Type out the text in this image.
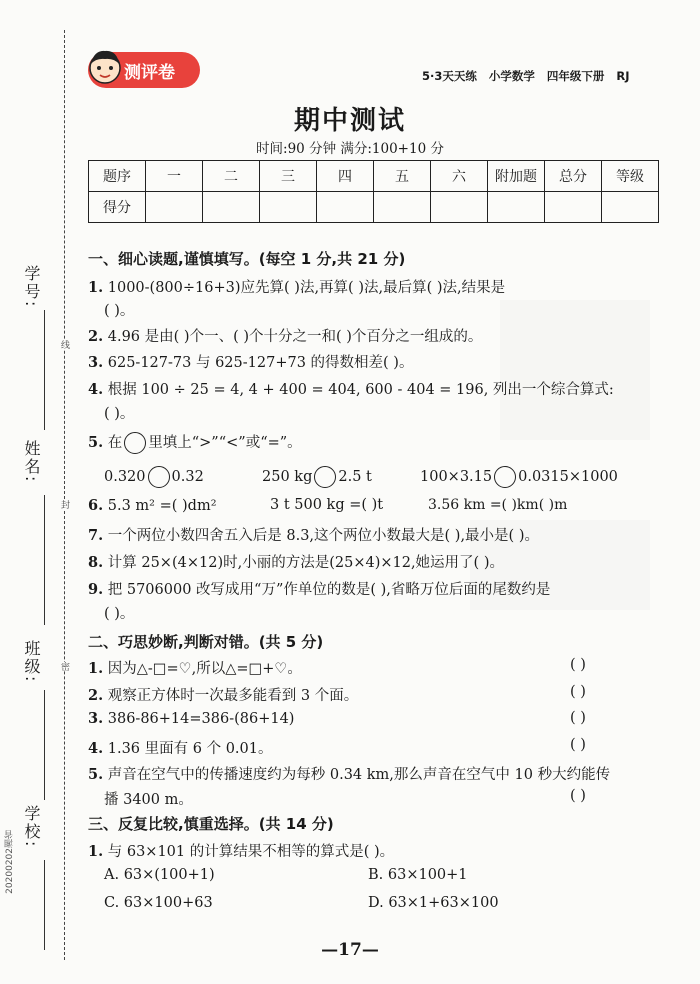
学号:
姓名:
班级:
学校:
线
封
密
20200202湘省
测评卷	5·3天天练 小学数学 四年级下册 RJ
期中测试
时间:90 分钟 满分:100+10 分
题序	一	二	三	四	五	六	附加题	总分	等级
得分									
一、细心读题,谨慎填写。(每空 1 分,共 21 分)
1. 1000-(800÷16+3)应先算( )法,再算( )法,最后算( )法,结果是
( )。
2. 4.96 是由( )个一、( )个十分之一和( )个百分之一组成的。
3. 625-127-73 与 625-127+73 的得数相差( )。
4. 根据 100 ÷ 25 = 4, 4 + 400 = 404, 600 - 404 = 196, 列出一个综合算式:
( )。
5. 在 里填上“>”“<”或“=”。
0.320 0.32	250 kg 2.5 t	100×3.15 0.0315×1000
6. 5.3 m² =( )dm²	3 t 500 kg =( )t	3.56 km =( )km( )m
7. 一个两位小数四舍五入后是 8.3,这个两位小数最大是( ),最小是( )。
8. 计算 25×(4×12)时,小丽的方法是(25×4)×12,她运用了( )。
9. 把 5706000 改写成用“万”作单位的数是( ),省略万位后面的尾数约是
( )。
二、巧思妙断,判断对错。(共 5 分)
1. 因为△-□=♡,所以△=□+♡。	( )
2. 观察正方体时一次最多能看到 3 个面。	( )
3. 386-86+14=386-(86+14)	( )
4. 1.36 里面有 6 个 0.01。	( )
5. 声音在空气中的传播速度约为每秒 0.34 km,那么声音在空气中 10 秒大约能传
播 3400 m。	( )
三、反复比较,慎重选择。(共 14 分)
1. 与 63×101 的计算结果不相等的算式是( )。
A. 63×(100+1)	B. 63×100+1
C. 63×100+63	D. 63×1+63×100
—17—
